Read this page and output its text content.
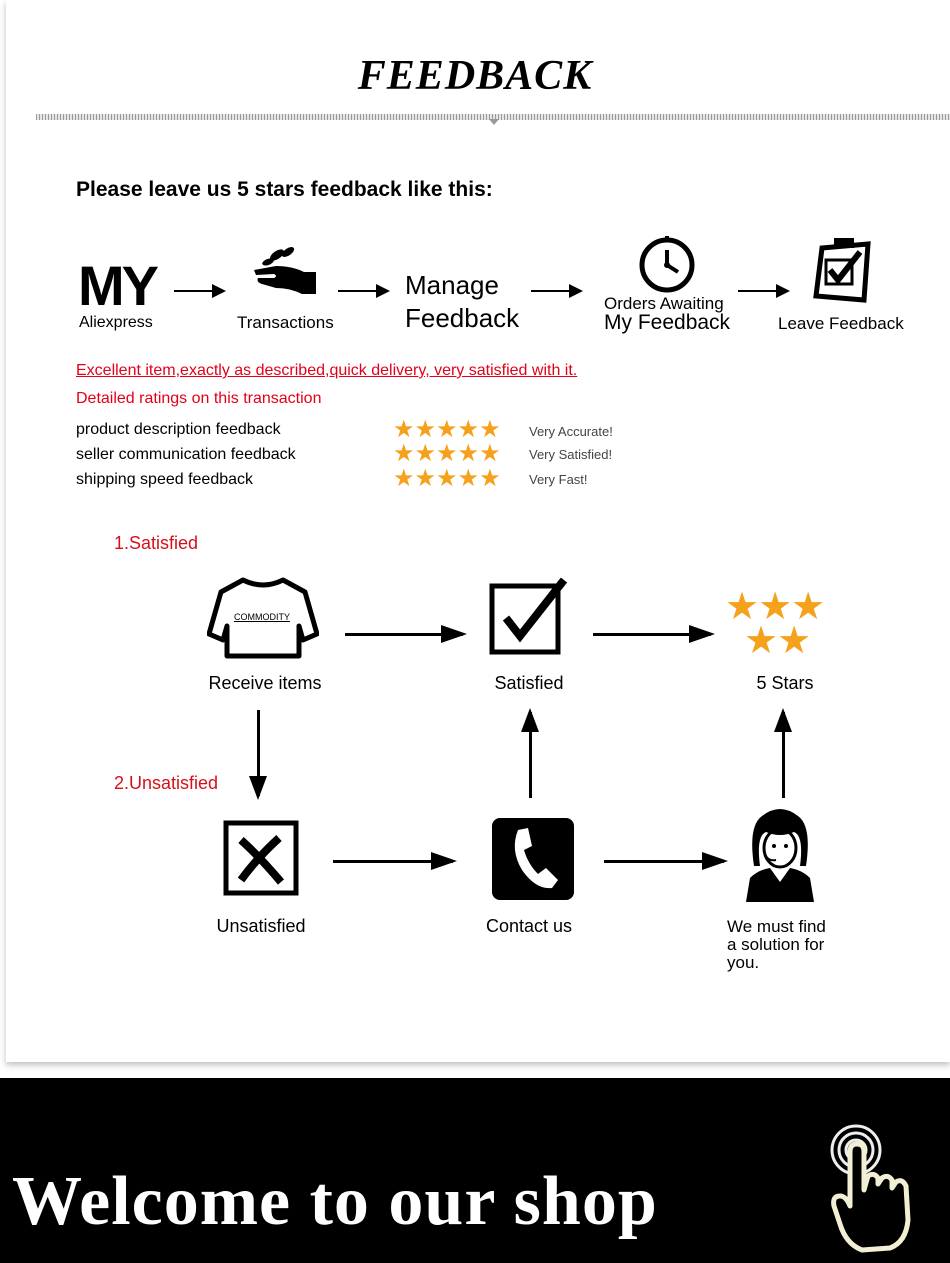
FEEDBACK
Please leave us 5 stars feedback like this:
MY
Aliexpress	Transactions
Manage
Feedback	Orders Awaiting
My Feedback	Leave Feedback
Excellent item,exactly as described,quick delivery, very satisfied with it.
Detailed ratings on this transaction
product description feedback	★★★★★ Very Accurate!
seller communication feedback	★★★★★ Very Satisfied!
shipping speed feedback	★★★★★ Very Fast!
1.Satisfied
COMMODITY
Receive items	Satisfied
★★★
★★
5 Stars
2.Unsatisfied
Unsatisfied	Contact us	We must find
a solution for
you.
Welcome to our shop
